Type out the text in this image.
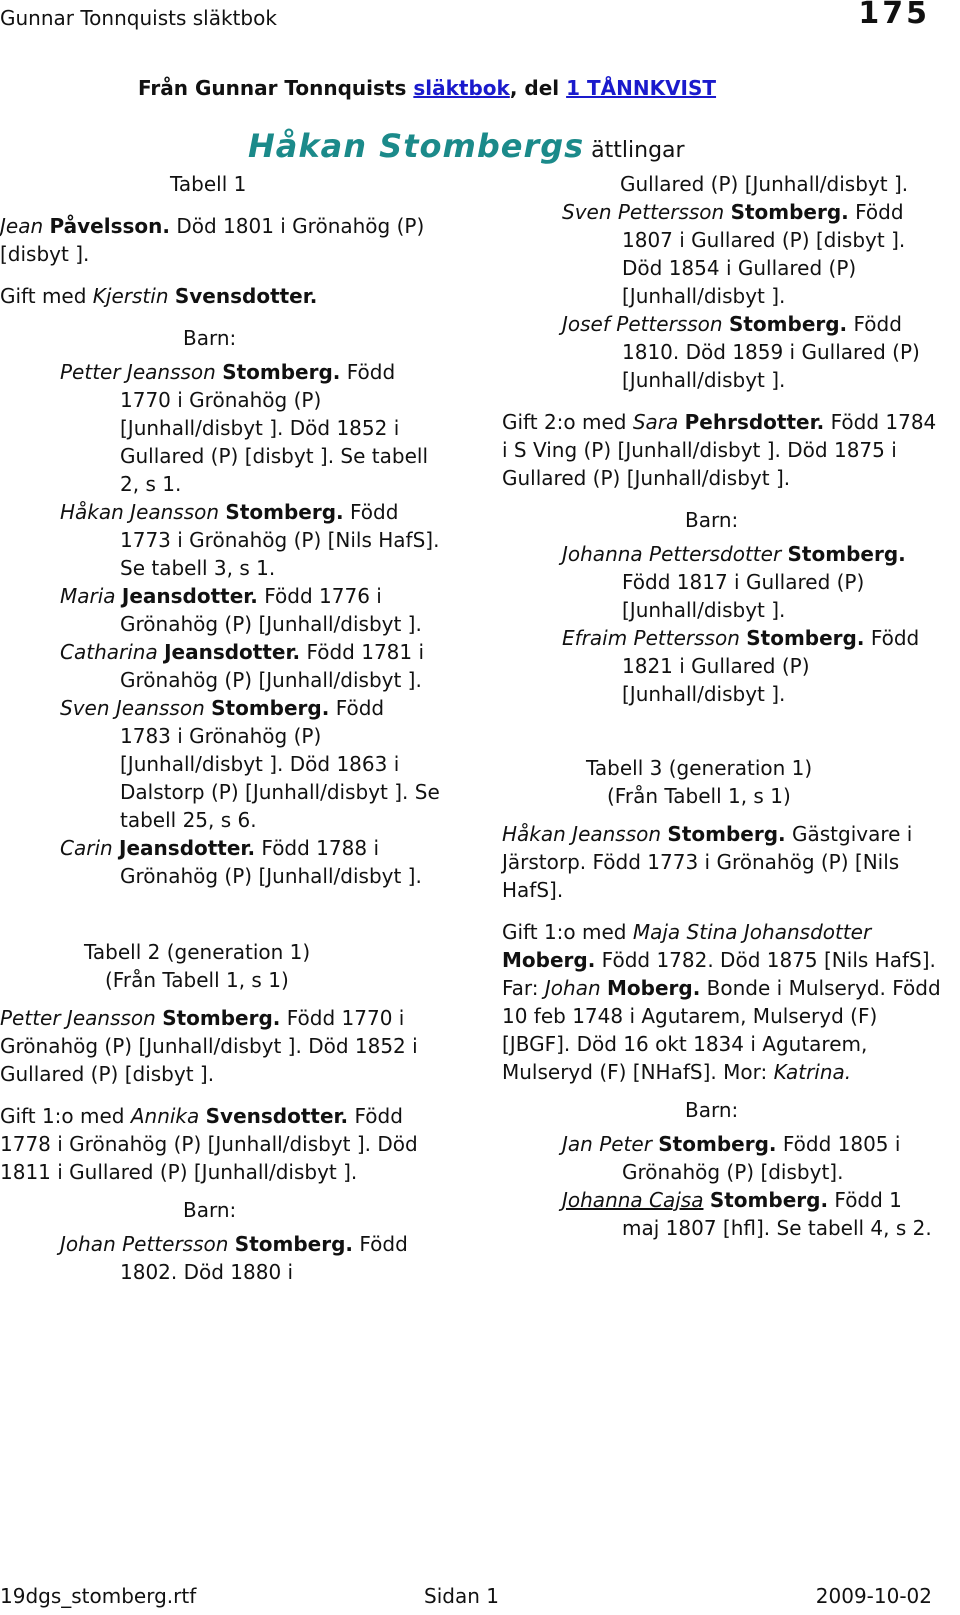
Gunnar Tonnquists släktbok	175
Från Gunnar Tonnquists släktbok, del 1 TÅNNKVIST
Håkan Stombergs ättlingar
Tabell 1
Jean Påvelsson. Död 1801 i Grönahög (P) [disbyt ].
Gift med Kjerstin Svensdotter.
Barn:
Petter Jeansson Stomberg. Född 1770 i Grönahög (P) [Junhall/disbyt ]. Död 1852 i Gullared (P) [disbyt ]. Se tabell 2, s 1.
Håkan Jeansson Stomberg. Född 1773 i Grönahög (P) [Nils HafS]. Se tabell 3, s 1.
Maria Jeansdotter. Född 1776 i Grönahög (P) [Junhall/disbyt ].
Catharina Jeansdotter. Född 1781 i Grönahög (P) [Junhall/disbyt ].
Sven Jeansson Stomberg. Född 1783 i Grönahög (P) [Junhall/disbyt ]. Död 1863 i Dalstorp (P) [Junhall/disbyt ]. Se tabell 25, s 6.
Carin Jeansdotter. Född 1788 i Grönahög (P) [Junhall/disbyt ].
Tabell 2 (generation 1)
(Från Tabell 1, s 1)
Petter Jeansson Stomberg. Född 1770 i Grönahög (P) [Junhall/disbyt ]. Död 1852 i Gullared (P) [disbyt ].
Gift 1:o med Annika Svensdotter. Född 1778 i Grönahög (P) [Junhall/disbyt ]. Död 1811 i Gullared (P) [Junhall/disbyt ].
Barn:
Johan Pettersson Stomberg. Född 1802. Död 1880 i
Gullared (P) [Junhall/disbyt ].
Sven Pettersson Stomberg. Född 1807 i Gullared (P) [disbyt ]. Död 1854 i Gullared (P) [Junhall/disbyt ].
Josef Pettersson Stomberg. Född 1810. Död 1859 i Gullared (P) [Junhall/disbyt ].
Gift 2:o med Sara Pehrsdotter. Född 1784 i S Ving (P) [Junhall/disbyt ]. Död 1875 i Gullared (P) [Junhall/disbyt ].
Barn:
Johanna Pettersdotter Stomberg. Född 1817 i Gullared (P) [Junhall/disbyt ].
Efraim Pettersson Stomberg. Född 1821 i Gullared (P) [Junhall/disbyt ].
Tabell 3 (generation 1)
(Från Tabell 1, s 1)
Håkan Jeansson Stomberg. Gästgivare i Järstorp. Född 1773 i Grönahög (P) [Nils HafS].
Gift 1:o med Maja Stina Johansdotter Moberg. Född 1782. Död 1875 [Nils HafS]. Far: Johan Moberg. Bonde i Mulseryd. Född 10 feb 1748 i Agutarem, Mulseryd (F) [JBGF]. Död 16 okt 1834 i Agutarem, Mulseryd (F) [NHafS]. Mor: Katrina.
Barn:
Jan Peter Stomberg. Född 1805 i Grönahög (P) [disbyt].
Johanna Cajsa Stomberg. Född 1 maj 1807 [hfl]. Se tabell 4, s 2.
19dgs_stomberg.rtf	Sidan 1	2009-10-02
